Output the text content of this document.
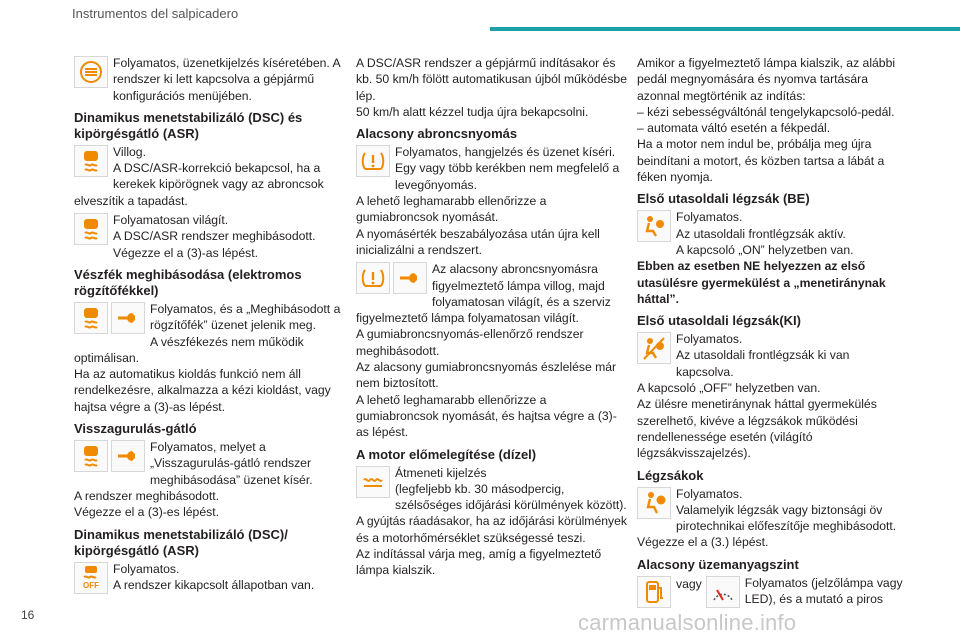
Instrumentos del salpicadero

Folyamatos, üzenetkijelzés kíséretében. A rendszer ki lett kapcsolva a gépjármű konfigurációs menüjében.

Dinamikus menetstabilizáló (DSC) és kipörgésgátló (ASR)

Villog.
A DSC/ASR-korrekció bekapcsol, ha a kerekek kipörögnek vagy az abroncsok elveszítik a tapadást.

Folyamatosan világít.
A DSC/ASR rendszer meghibásodott.
Végezze el a (3)-as lépést.

Vészfék meghibásodása (elektromos rögzítőfékkel)

Folyamatos, és a „Meghibásodott a rögzítőfék” üzenet jelenik meg.
A vészfékezés nem működik optimálisan.
Ha az automatikus kioldás funkció nem áll rendelkezésre, alkalmazza a kézi kioldást, vagy hajtsa végre a (3)-as lépést.

Visszagurulás-gátló

Folyamatos, melyet a „Visszagurulás-gátló rendszer meghibásodása” üzenet kísér.
A rendszer meghibásodott.
Végezze el a (3)-es lépést.

Dinamikus menetstabilizáló (DSC)/ kipörgésgátló (ASR)
OFF

Folyamatos.
A rendszer kikapcsolt állapotban van.

A DSC/ASR rendszer a gépjármű indításakor és kb. 50 km/h fölött automatikusan újból működésbe lép.
50 km/h alatt kézzel tudja újra bekapcsolni.

Alacsony abroncsnyomás

Folyamatos, hangjelzés és üzenet kíséri.
Egy vagy több kerékben nem megfelelő a levegőnyomás.
A lehető leghamarabb ellenőrizze a gumiabroncsok nyomását.
A nyomásérték beszabályozása után újra kell inicializálni a rendszert.

Az alacsony abroncsnyomásra figyelmeztető lámpa villog, majd folyamatosan világít, és a szerviz figyelmeztető lámpa folyamatosan világít.
A gumiabroncsnyomás-ellenőrző rendszer meghibásodott.
Az alacsony gumiabroncsnyomás észlelése már nem biztosított.
A lehető leghamarabb ellenőrizze a gumiabroncsok nyomását, és hajtsa végre a (3)-as lépést.

A motor előmelegítése (dízel)

Átmeneti kijelzés
(legfeljebb kb. 30 másodpercig, szélsőséges időjárási körülmények között).
A gyújtás ráadásakor, ha az időjárási körülmények és a motorhőmérséklet szükségessé teszi.
Az indítással várja meg, amíg a figyelmeztető lámpa kialszik.

Amikor a figyelmeztető lámpa kialszik, az alábbi pedál megnyomására és nyomva tartására azonnal megtörténik az indítás:
– kézi sebességváltónál tengelykapcsoló-pedál.
– automata váltó esetén a fékpedál.
Ha a motor nem indul be, próbálja meg újra beindítani a motort, és közben tartsa a lábát a féken nyomja.

Első utasoldali légzsák (BE)

Folyamatos.
Az utasoldali frontlégzsák aktív.
A kapcsoló „ON” helyzetben van.

Ebben az esetben NE helyezzen az első utasülésre gyermekülést a „menetiránynak háttal”.

Első utasoldali légzsák(KI)

Folyamatos.
Az utasoldali frontlégzsák ki van kapcsolva.
A kapcsoló „OFF” helyzetben van.
Az ülésre menetiránynak háttal gyermekülés szerelhető, kivéve a légzsákok működési rendellenessége esetén (világító légzsákvisszajelzés).

Légzsákok

Folyamatos.
Valamelyik légzsák vagy biztonsági öv pirotechnikai előfeszítője meghibásodott.
Végezze el a (3.) lépést.

Alacsony üzemanyagszint
vagy	Folyamatos (jelzőlámpa vagy LED), és a mutató a piros

16	carmanualsonline.info
